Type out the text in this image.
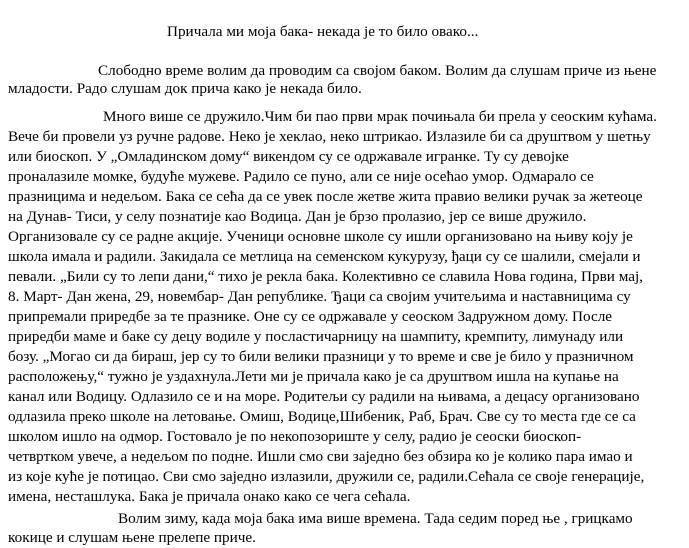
Причала ми моја бака- некада је то било овако...
Слободно време волим да проводим са својом баком. Волим да слушам приче из њене
младости. Радо слушам док прича како је некада било.
Много више се дружило.Чим би пао први мрак почињала би прела у сеоским кућама.
Вече би провели уз ручне радове. Неко је хеклао, неко штрикао. Излазиле би са друштвом у шетњу
или биоскоп. У „Омладинском дому“ викендом су се одржавале игранке. Ту су девојке
проналазиле момке, будуће мужеве. Радило се пуно, али се није осећао умор. Одмарало се
празницима и недељом. Бака се сећа да се увек после жетве жита правио велики ручак за жетеоце
на Дунав- Тиси, у селу познатије као Водица. Дан је брзо пролазио, јер се више дружило.
Организовале су се радне акције. Ученици основне школе су ишли организовано на њиву коју је
школа имала и радили. Закидала се метлица на семенском кукурузу, ђаци су се шалили, смејали и
певали. „Били су то лепи дани,“ тихо је рекла бака. Колективно се славила Нова година, Први мај,
8. Март- Дан жена, 29, новембар- Дан републике. Ђаци са својим учитељима и наставницима су
припремали приредбе за те празнике. Оне су се одржавале у сеоском Задружном дому. После
приредби маме и баке су децу водиле у посластичарницу на шампиту, кремпиту, лимунаду или
бозу. „Могао си да бираш, јер су то били велики празници у то време и све је било у празничном
расположењу,“ тужно је уздахнула.Лети ми је причала како је са друштвом ишла на купање на
канал или Водицу. Одлазило се и на море. Родитељи су радили на њивама, а децасу организовано
одлазила преко школе на летовање. Омиш, Водице,Шибеник, Раб, Брач. Све су то места где се са
школом ишло на одмор. Гостовало је по некопозориште у селу, радио је сеоски биоскоп-
четвртком увече, а недељом по подне. Ишли смо сви заједно без обзира ко је колико пара имао и
из које куће је потицао. Сви смо заједно излазили, дружили се, радили.Сећала се своје генерације,
имена, несташлука. Бака је причала онако како се чега сећала.
Волим зиму, када моја бака има више времена. Тада седим поред ње , грицкамо
кокице и слушам њене прелепе приче.
